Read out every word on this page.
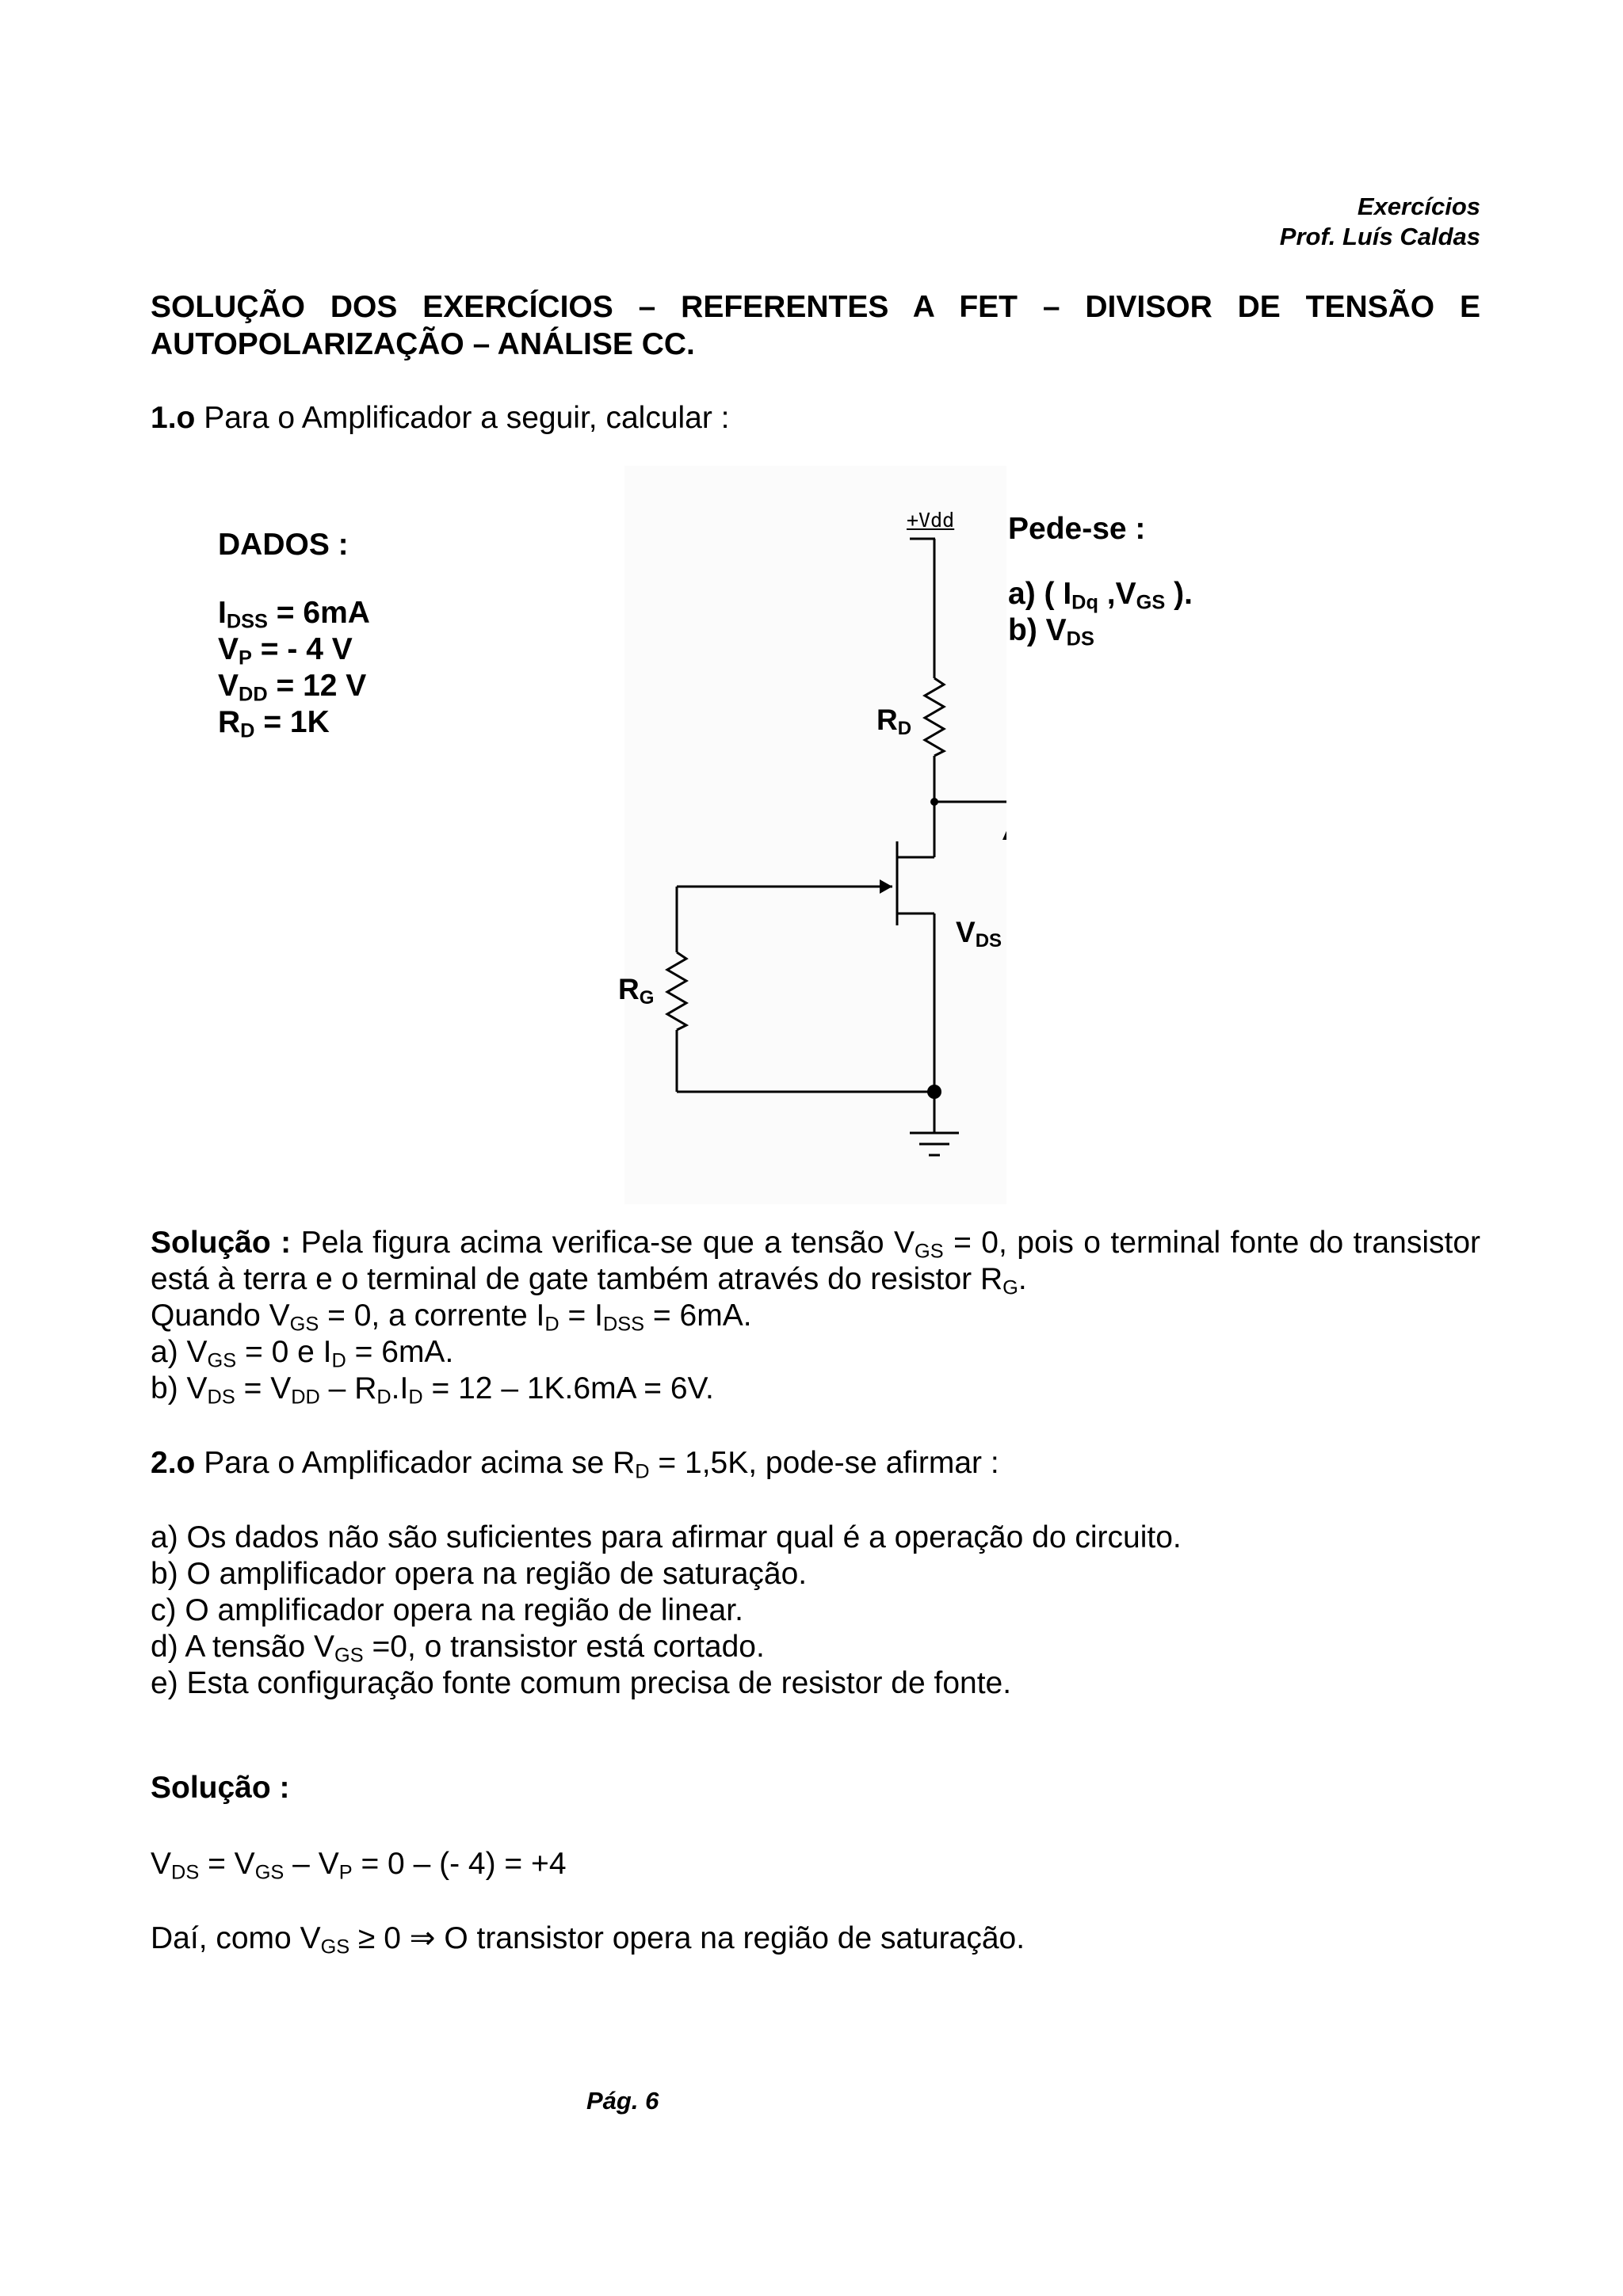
Exercícios
Prof. Luís Caldas
SOLUÇÃO DOS EXERCÍCIOS – REFERENTES A FET – DIVISOR DE TENSÃO E AUTOPOLARIZAÇÃO – ANÁLISE CC.
1.o Para o Amplificador a seguir, calcular :
DADOS :
$I_{DSS} = 6mA$
$V_P$ = - 4 V
$V_{DD} = 12$ V
$R_D = 1K$
+Vdd
$R_D$
$R_G$
$V_{DS}$
Pede-se :
a) ( $I_{Dq}$ $,V_{GS}$ ).
b) $V_{DS}$
Solução : Pela figura acima verifica-se que a tensão $V_{GS} = 0$, pois o terminal fonte do transistor está à terra e o terminal de gate também através do resistor $R_G$.
Quando $V_{GS} = 0$, a corrente $I_D = I_{DSS} = 6mA$.
a) $V_{GS} = 0$ e $I_D = 6mA$.
b) $V_{DS} = V_{DD} - R_D.I_D = 12 - 1K.6mA = 6V$.
2.o Para o Amplificador acima se $R_D = 1,5K$, pode-se afirmar :
a) Os dados não são suficientes para afirmar qual é a operação do circuito.
b) O amplificador opera na região de saturação.
c) O amplificador opera na região de linear.
d) A tensão $V_{GS} =0$, o transistor está cortado.
e) Esta configuração fonte comum precisa de resistor de fonte.
Solução :
$V_{DS} = V_{GS} - V_P = 0$ – (- 4) = +4
Daí, como $V_{GS} \ge 0$ ⇒ O transistor opera na região de saturação.
Pág. 6
